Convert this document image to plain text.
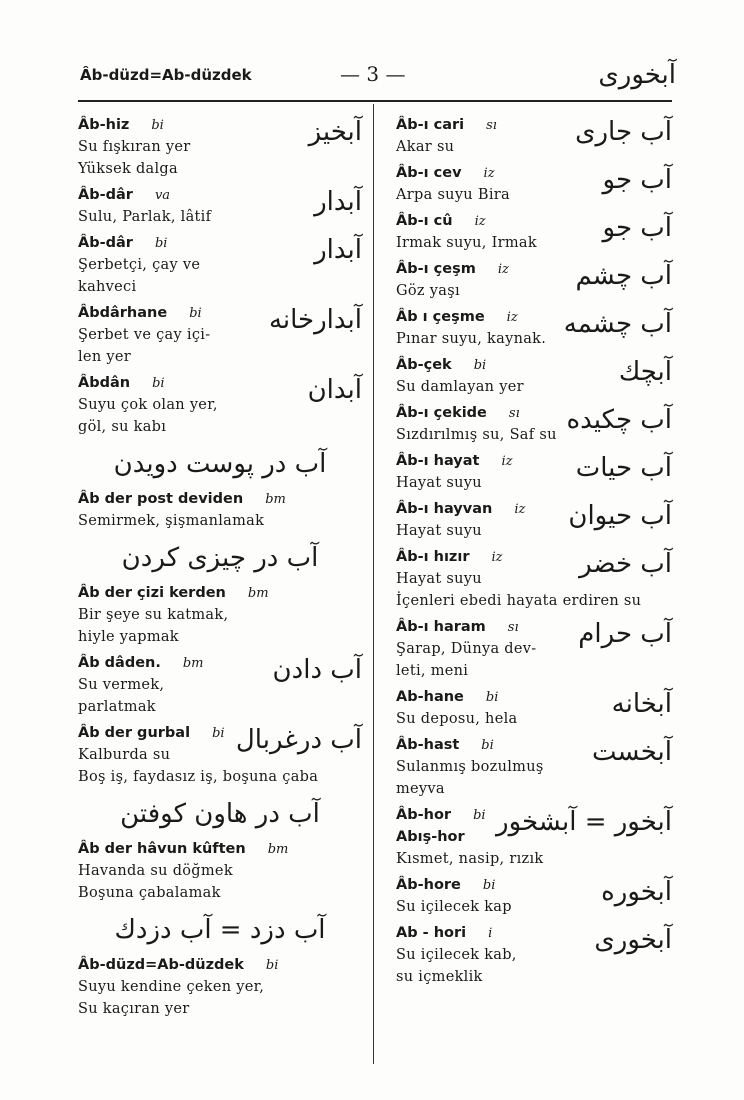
Âb-düzd=Ab-düzdek	— 3 —	آبخورى
Âb-hiz bi	آبخيز
Su fışkıran yer
Yüksek dalga
Âb-dâr va	آبدار
Sulu, Parlak, lâtif
Âb-dâr bi	آبدار
Şerbetçi, çay ve
kahveci
Âbdârhane bi	آبدارخانه
Şerbet ve çay içi-
len yer
Âbdân bi	آبدان
Suyu çok olan yer,
göl, su kabı
آب در پوست دویدن
Âb der post deviden bm
Semirmek, şişmanlamak
آب در چیزی کردن
Âb der çizi kerden bm
Bir şeye su katmak,
hiyle yapmak
Âb dâden. bm	آب دادن
Su vermek,
parlatmak
Âb der gurbal bi آب درغربال
Kalburda su
Boş iş, faydasız iş, boşuna çaba
آب در هاون کوفتن
Âb der hâvun kûften bm
Havanda su döğmek
Boşuna çabalamak
آب دزد = آب دزدك
Âb-düzd=Ab-düzdek bi
Suyu kendine çeken yer,
Su kaçıran yer
Âb-ı cari sı	آب جارى
Akar su
Âb-ı cev iz	آب جو
Arpa suyu Bira
Âb-ı cû iz	آب جو
Irmak suyu, Irmak
Âb-ı çeşm iz	آب چشم
Göz yaşı
Âb ı çeşme iz	آب چشمه
Pınar suyu, kaynak.
Âb-çek bi	آبچك
Su damlayan yer
Âb-ı çekide sı	آب چكيده
Sızdırılmış su, Saf su
Âb-ı hayat iz	آب حيات
Hayat suyu
Âb-ı hayvan iz	آب حيوان
Hayat suyu
Âb-ı hızır iz	آب خضر
Hayat suyu
İçenleri ebedi hayata erdiren su
Âb-ı haram sı	آب حرام
Şarap, Dünya dev-
leti, meni
Ab-hane bi	آبخانه
Su deposu, hela
Âb-hast bi	آبخست
Sulanmış bozulmuş
meyva
Âb-hor bi آبخور = آبشخور
Abış-hor
Kısmet, nasip, rızık
Âb-hore bi	آبخوره
Su içilecek kap
Ab - hori i	آبخورى
Su içilecek kab,
su içmeklik
